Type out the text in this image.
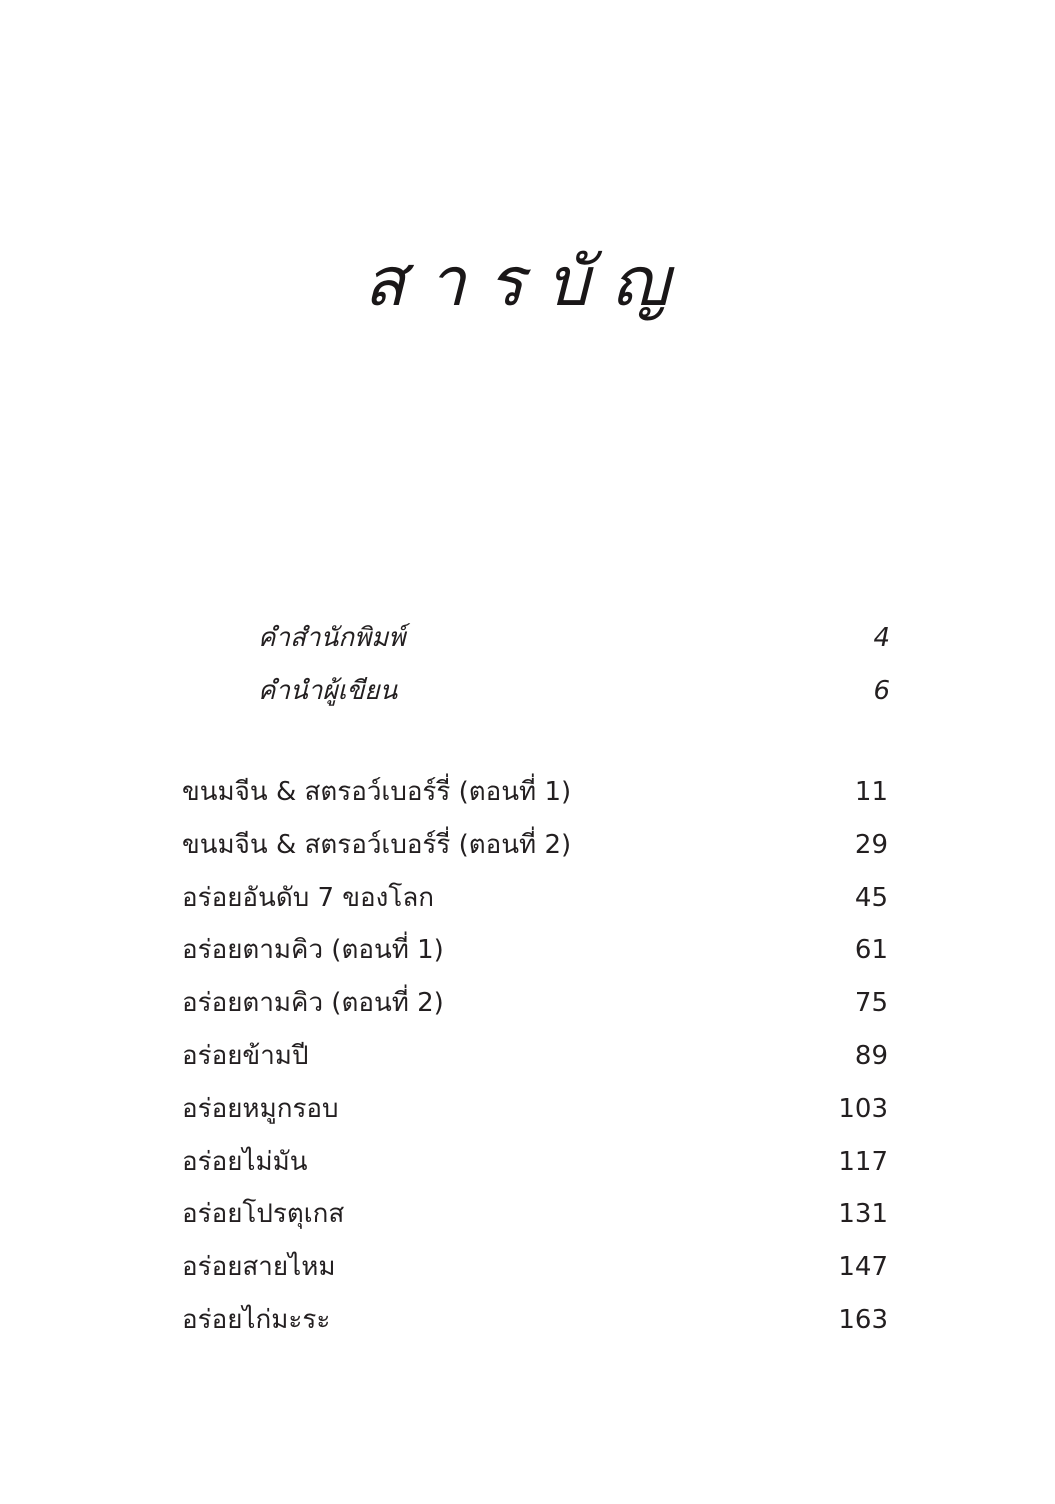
สารบัญ
คำสำนักพิมพ์	4
คำนำผู้เขียน	6
ขนมจีน & สตรอว์เบอร์รี่ (ตอนที่ 1)	11
ขนมจีน & สตรอว์เบอร์รี่ (ตอนที่ 2)	29
อร่อยอันดับ 7 ของโลก	45
อร่อยตามคิว (ตอนที่ 1)	61
อร่อยตามคิว (ตอนที่ 2)	75
อร่อยข้ามปี	89
อร่อยหมูกรอบ	103
อร่อยไม่มัน	117
อร่อยโปรตุเกส	131
อร่อยสายไหม	147
อร่อยไก่มะระ	163
